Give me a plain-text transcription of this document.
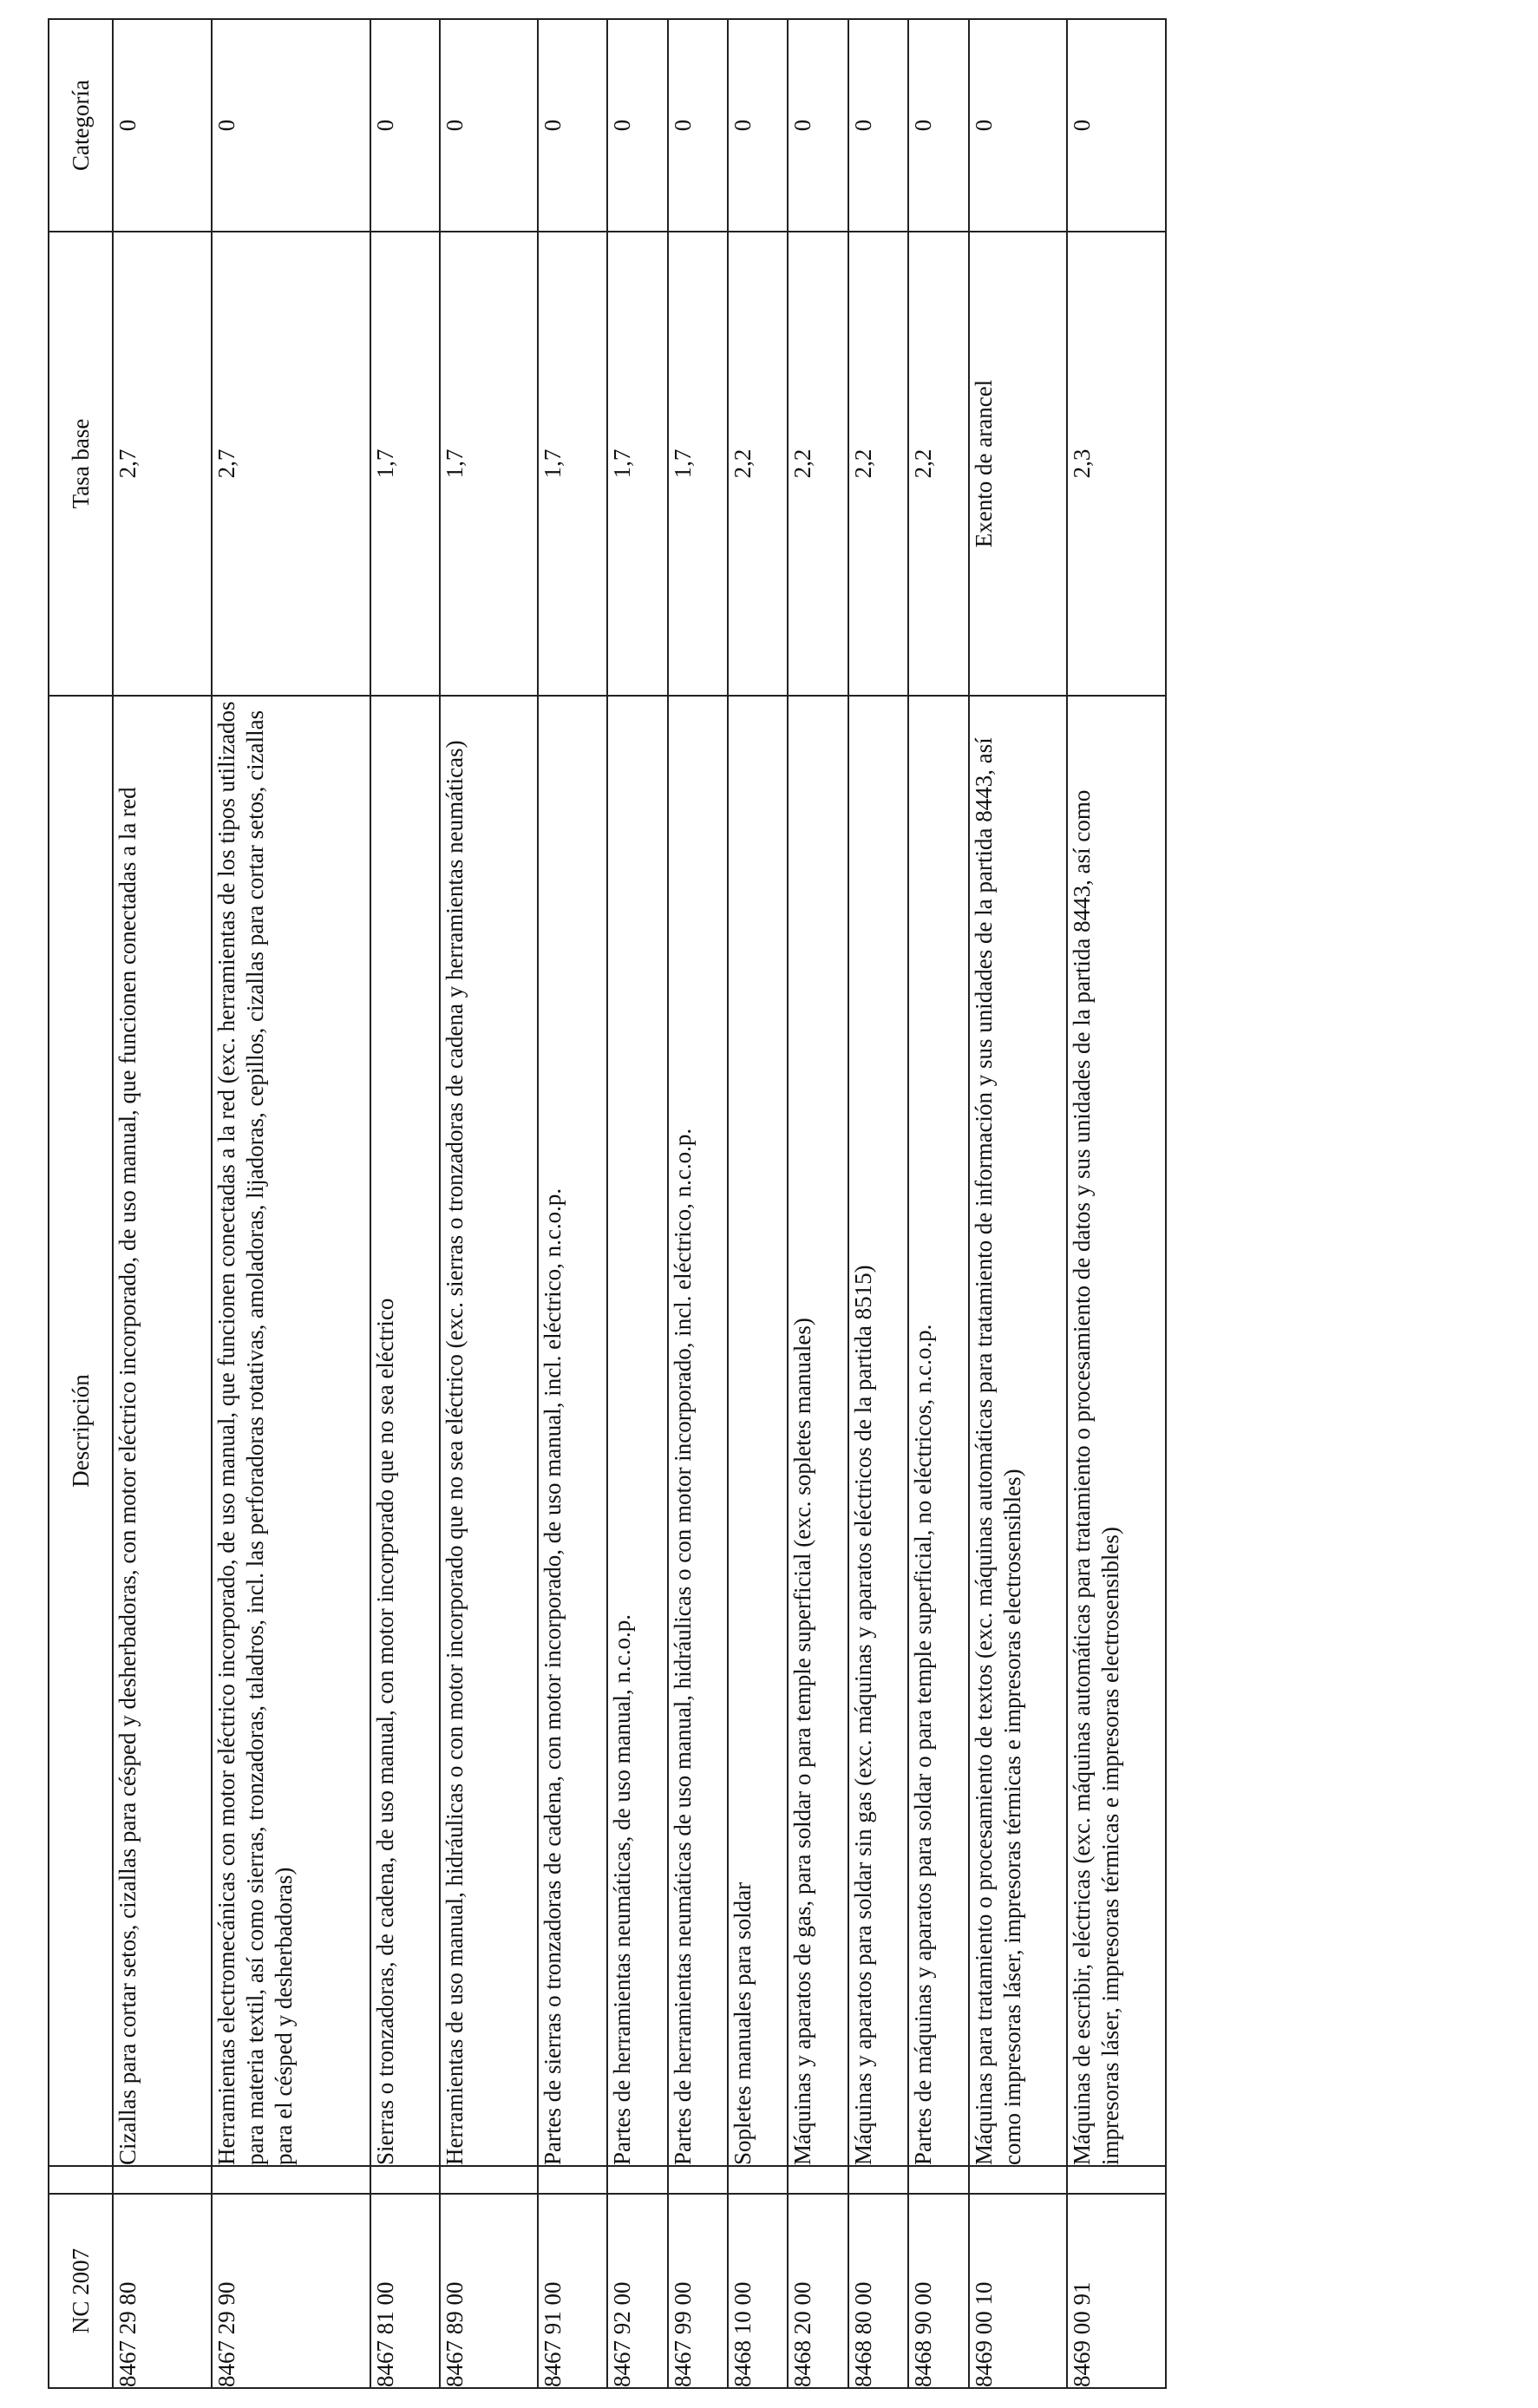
NC 2007		Descripción	Tasa base	Categoría
8467 29 80		Cizallas para cortar setos, cizallas para césped y desherbadoras, con motor eléctrico incorporado, de uso manual, que funcionen conectadas a la red	2,7	0
8467 29 90		Herramientas electromecánicas con motor eléctrico incorporado, de uso manual, que funcionen conectadas a la red (exc. herramientas de los tipos utilizados para materia textil, así como sierras, tronzadoras, taladros, incl. las perforadoras rotativas, amoladoras, lijadoras, cepillos, cizallas para cortar setos, cizallas para el césped y desherbadoras)	2,7	0
8467 81 00		Sierras o tronzadoras, de cadena, de uso manual, con motor incorporado que no sea eléctrico	1,7	0
8467 89 00		Herramientas de uso manual, hidráulicas o con motor incorporado que no sea eléctrico (exc. sierras o tronzadoras de cadena y herramientas neumáticas)	1,7	0
8467 91 00		Partes de sierras o tronzadoras de cadena, con motor incorporado, de uso manual, incl. eléctrico, n.c.o.p.	1,7	0
8467 92 00		Partes de herramientas neumáticas, de uso manual, n.c.o.p.	1,7	0
8467 99 00		Partes de herramientas neumáticas de uso manual, hidráulicas o con motor incorporado, incl. eléctrico, n.c.o.p.	1,7	0
8468 10 00		Sopletes manuales para soldar	2,2	0
8468 20 00		Máquinas y aparatos de gas, para soldar o para temple superficial (exc. sopletes manuales)	2,2	0
8468 80 00		Máquinas y aparatos para soldar sin gas (exc. máquinas y aparatos eléctricos de la partida 8515)	2,2	0
8468 90 00		Partes de máquinas y aparatos para soldar o para temple superficial, no eléctricos, n.c.o.p.	2,2	0
8469 00 10		Máquinas para tratamiento o procesamiento de textos (exc. máquinas automáticas para tratamiento de información y sus unidades de la partida 8443, así como impresoras láser, impresoras térmicas e impresoras electrosensibles)	Exento de arancel	0
8469 00 91		Máquinas de escribir, eléctricas (exc. máquinas automáticas para tratamiento o procesamiento de datos y sus unidades de la partida 8443, así como impresoras láser, impresoras térmicas e impresoras electrosensibles)	2,3	0
